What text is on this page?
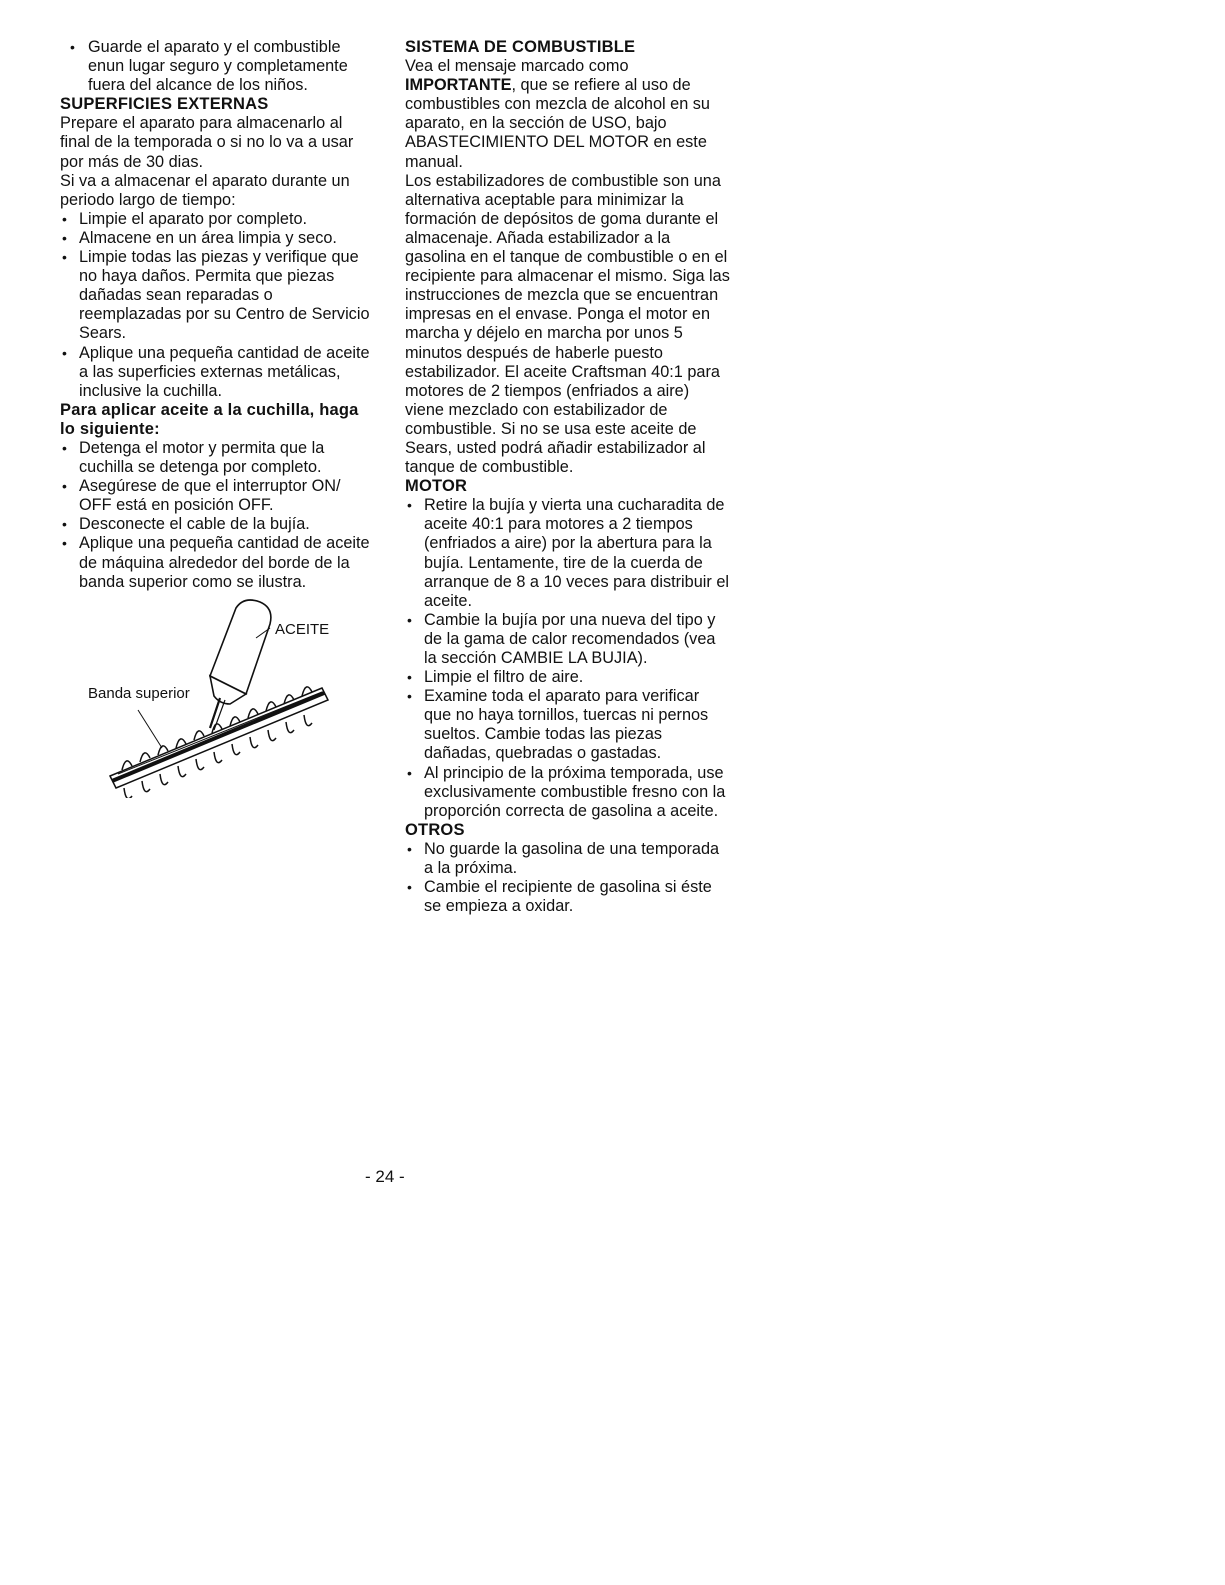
• Guarde el aparato y el combustible enun lugar seguro y completamente fuera del alcance de los niños.
SUPERFICIES EXTERNAS

Prepare el aparato para almacenarlo al final de la temporada o si no lo va a usar por más de 30 dias.

Si va a almacenar el aparato durante un periodo largo de tiempo:

• Limpie el aparato por completo.
• Almacene en un área limpia y seco.
• Limpie todas las piezas y verifique que no haya daños. Permita que piezas dañadas sean reparadas o reemplazadas por su Centro de Servicio Sears.
• Aplique una pequeña cantidad de aceite a las superficies externas metálicas, inclusive la cuchilla.
Para aplicar aceite a la cuchilla, haga lo siguiente:
• Detenga el motor y permita que la cuchilla se detenga por completo.
• Asegúrese de que el interruptor ON/ OFF está en posición OFF.
• Desconecte el cable de la bujía.
• Aplique una pequeña cantidad de aceite de máquina alrededor del borde de la banda superior como se ilustra.
ACEITE
Banda superior
SISTEMA DE COMBUSTIBLE

Vea el mensaje marcado como IMPORTANTE, que se refiere al uso de combustibles con mezcla de alcohol en su aparato, en la sección de USO, bajo ABASTECIMIENTO DEL MOTOR en este manual.

Los estabilizadores de combustible son una alternativa aceptable para minimizar la formación de depósitos de goma durante el almacenaje. Añada estabilizador a la gasolina en el tanque de combustible o en el recipiente para almacenar el mismo. Siga las instrucciones de mezcla que se encuentran impresas en el envase. Ponga el motor en marcha y déjelo en marcha por unos 5 minutos después de haberle puesto estabilizador. El aceite Craftsman 40:1 para motores de 2 tiempos (enfriados a aire) viene mezclado con estabilizador de combustible. Si no se usa este aceite de Sears, usted podrá añadir estabilizador al tanque de combustible.

MOTOR
• Retire la bujía y vierta una cucharadita de aceite 40:1 para motores a 2 tiempos (enfriados a aire) por la abertura para la bujía. Lentamente, tire de la cuerda de arranque de 8 a 10 veces para distribuir el aceite.
• Cambie la bujía por una nueva del tipo y de la gama de calor recomendados (vea la sección CAMBIE LA BUJIA).
• Limpie el filtro de aire.
• Examine toda el aparato para verificar que no haya tornillos, tuercas ni pernos sueltos. Cambie todas las piezas dañadas, quebradas o gastadas.
• Al principio de la próxima temporada, use exclusivamente combustible fresno con la proporción correcta de gasolina a aceite.
OTROS
• No guarde la gasolina de una temporada a la próxima.
• Cambie el recipiente de gasolina si éste se empieza a oxidar.
- 24 -
